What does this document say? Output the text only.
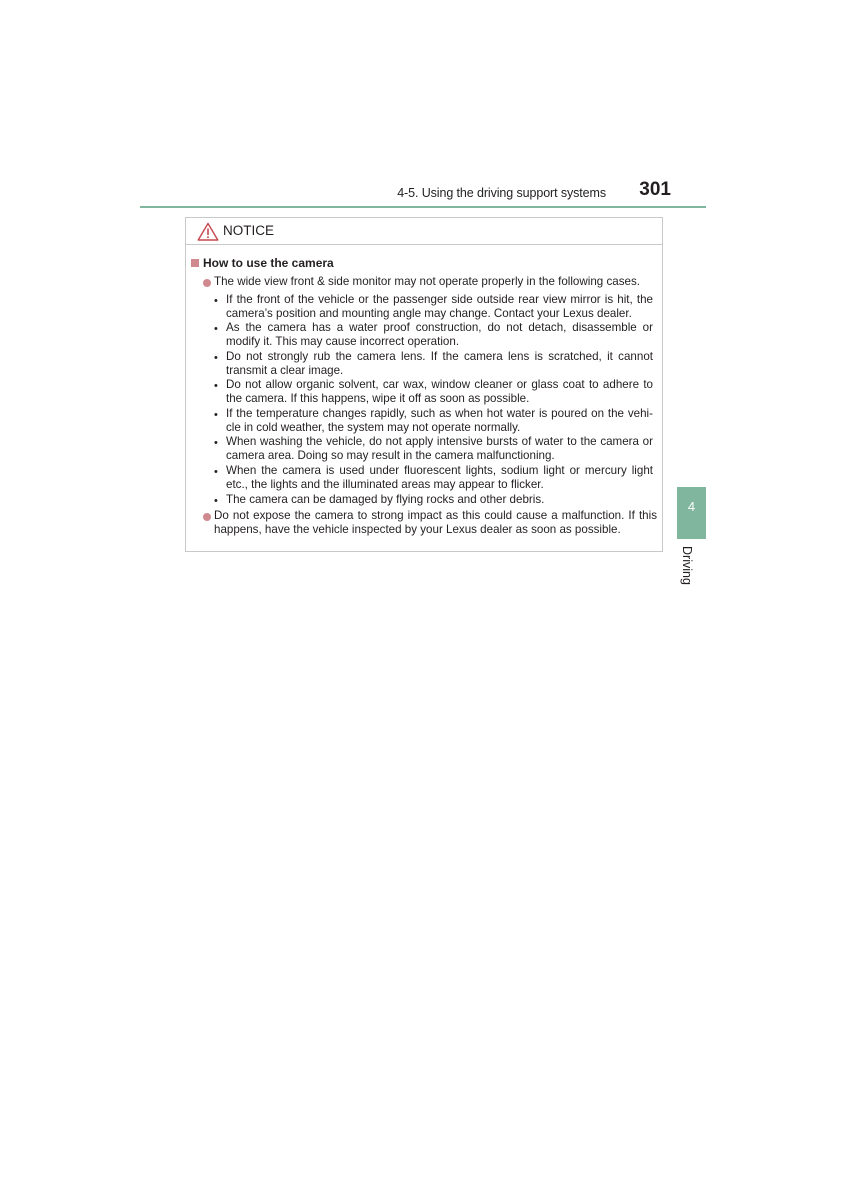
4-5. Using the driving support systems 301
NOTICE
How to use the camera
The wide view front & side monitor may not operate properly in the following cases.
• If the front of the vehicle or the passenger side outside rear view mirror is hit, the
camera’s position and mounting angle may change. Contact your Lexus dealer.
• As the camera has a water proof construction, do not detach, disassemble or
modify it. This may cause incorrect operation.
• Do not strongly rub the camera lens. If the camera lens is scratched, it cannot
transmit a clear image.
• Do not allow organic solvent, car wax, window cleaner or glass coat to adhere to
the camera. If this happens, wipe it off as soon as possible.
• If the temperature changes rapidly, such as when hot water is poured on the vehi-
cle in cold weather, the system may not operate normally.
• When washing the vehicle, do not apply intensive bursts of water to the camera or
camera area. Doing so may result in the camera malfunctioning.
• When the camera is used under fluorescent lights, sodium light or mercury light
etc., the lights and the illuminated areas may appear to flicker.
• The camera can be damaged by flying rocks and other debris.
Do not expose the camera to strong impact as this could cause a malfunction. If this
happens, have the vehicle inspected by your Lexus dealer as soon as possible.
4
Driving
